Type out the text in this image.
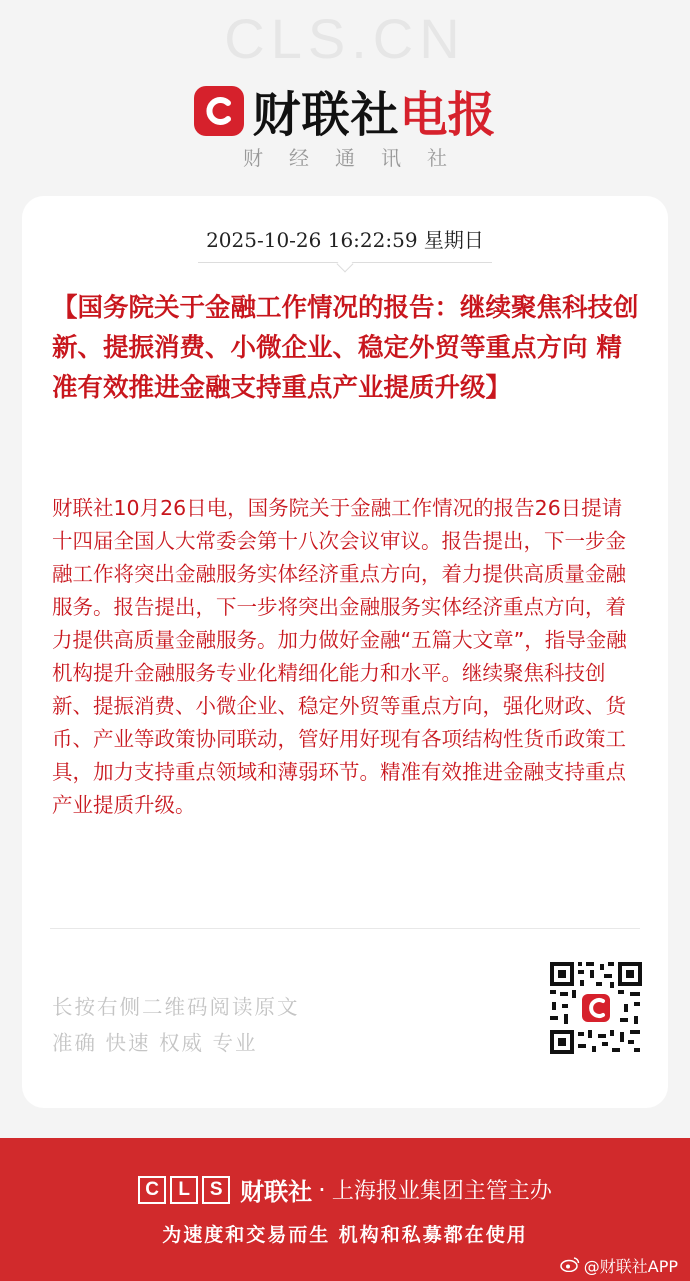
CLS.CN
财联社 电报
财经通讯社
2025-10-26 16:22:59 星期日
【国务院关于金融工作情况的报告：继续聚焦科技创新、提振消费、小微企业、稳定外贸等重点方向 精准有效推进金融支持重点产业提质升级】
财联社10月26日电，国务院关于金融工作情况的报告26日提请十四届全国人大常委会第十八次会议审议。报告提出，下一步金融工作将突出金融服务实体经济重点方向，着力提供高质量金融服务。报告提出，下一步将突出金融服务实体经济重点方向，着力提供高质量金融服务。加力做好金融“五篇大文章”，指导金融机构提升金融服务专业化精细化能力和水平。继续聚焦科技创新、提振消费、小微企业、稳定外贸等重点方向，强化财政、货币、产业等政策协同联动，管好用好现有各项结构性货币政策工具，加力支持重点领域和薄弱环节。精准有效推进金融支持重点产业提质升级。
长按右侧二维码阅读原文
准确 快速 权威 专业
C	L	S 财联社 · 上海报业集团主管主办
为速度和交易而生 机构和私募都在使用
@财联社APP
